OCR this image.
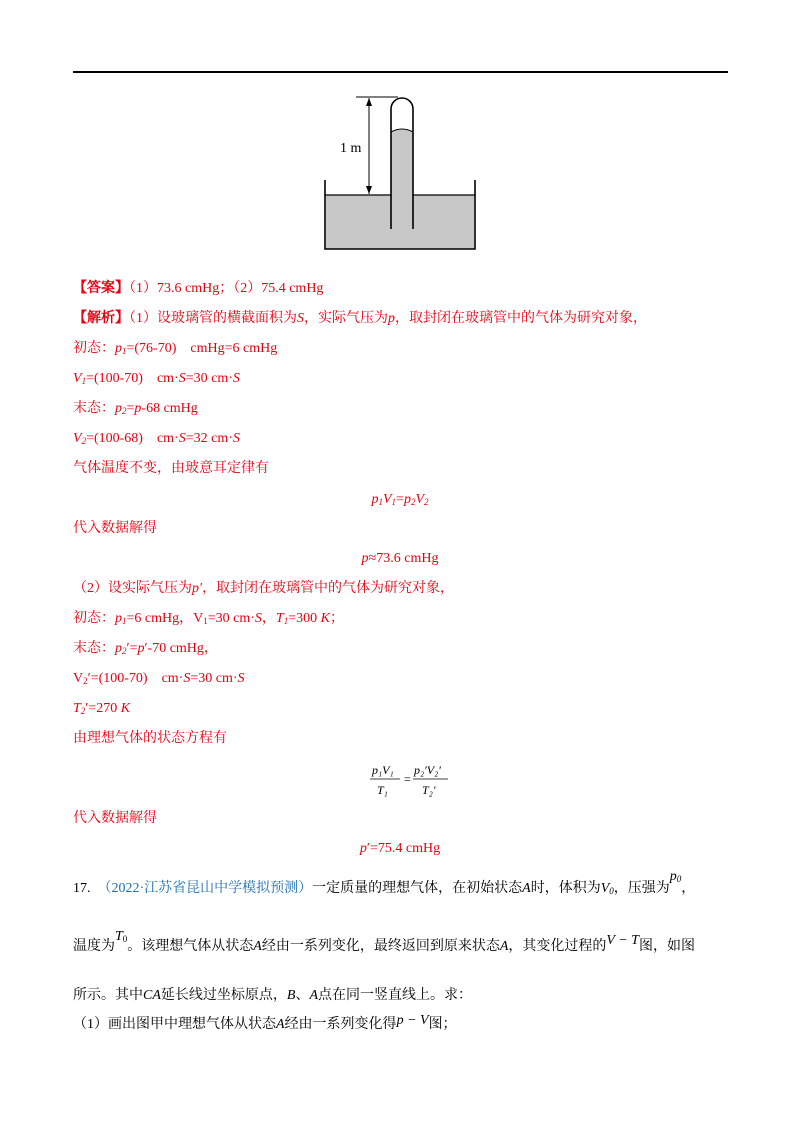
1 m
【答案】（1）73.6 cmHg；（2）75.4 cmHg
【解析】（1）设玻璃管的横截面积为S，实际气压为p，取封闭在玻璃管中的气体为研究对象，
初态：$p_1=(76-70)$　cmHg=6 cmHg
$V_1=(100-70)$　cm·S=30 cm·S
末态：$p_2=p-68$ cmHg
$V_2=(100-68)$　cm·S=32 cm·S
气体温度不变，由玻意耳定律有
$p_1V_1=p_2V_2$
代入数据解得
p≈73.6 cmHg
（2）设实际气压为p′，取封闭在玻璃管中的气体为研究对象，
初态：$p_1=6$ cmHg，$V_1=30$ cm·S，$T_1=300$ K；
末态：$p_2'=p'-70$ cmHg，
$V_2'=(100-70)$　cm·S=30 cm·S
$T_2'=270$ K
由理想气体的状态方程有
p₁V₁
T₁
=
p₂′V₂′
T₂′
代入数据解得
p′=75.4 cmHg
17. （2022·江苏省昆山中学模拟预测）一定质量的理想气体，在初始状态A时，体积为$V_0$，压强为$p_0$，
温度为$T_0$。该理想气体从状态A经由一系列变化，最终返回到原来状态A，其变化过程的V − T图，如图
所示。其中CA延长线过坐标原点，B、A点在同一竖直线上。求：
（1）画出图甲中理想气体从状态A经由一系列变化得p − V图；
